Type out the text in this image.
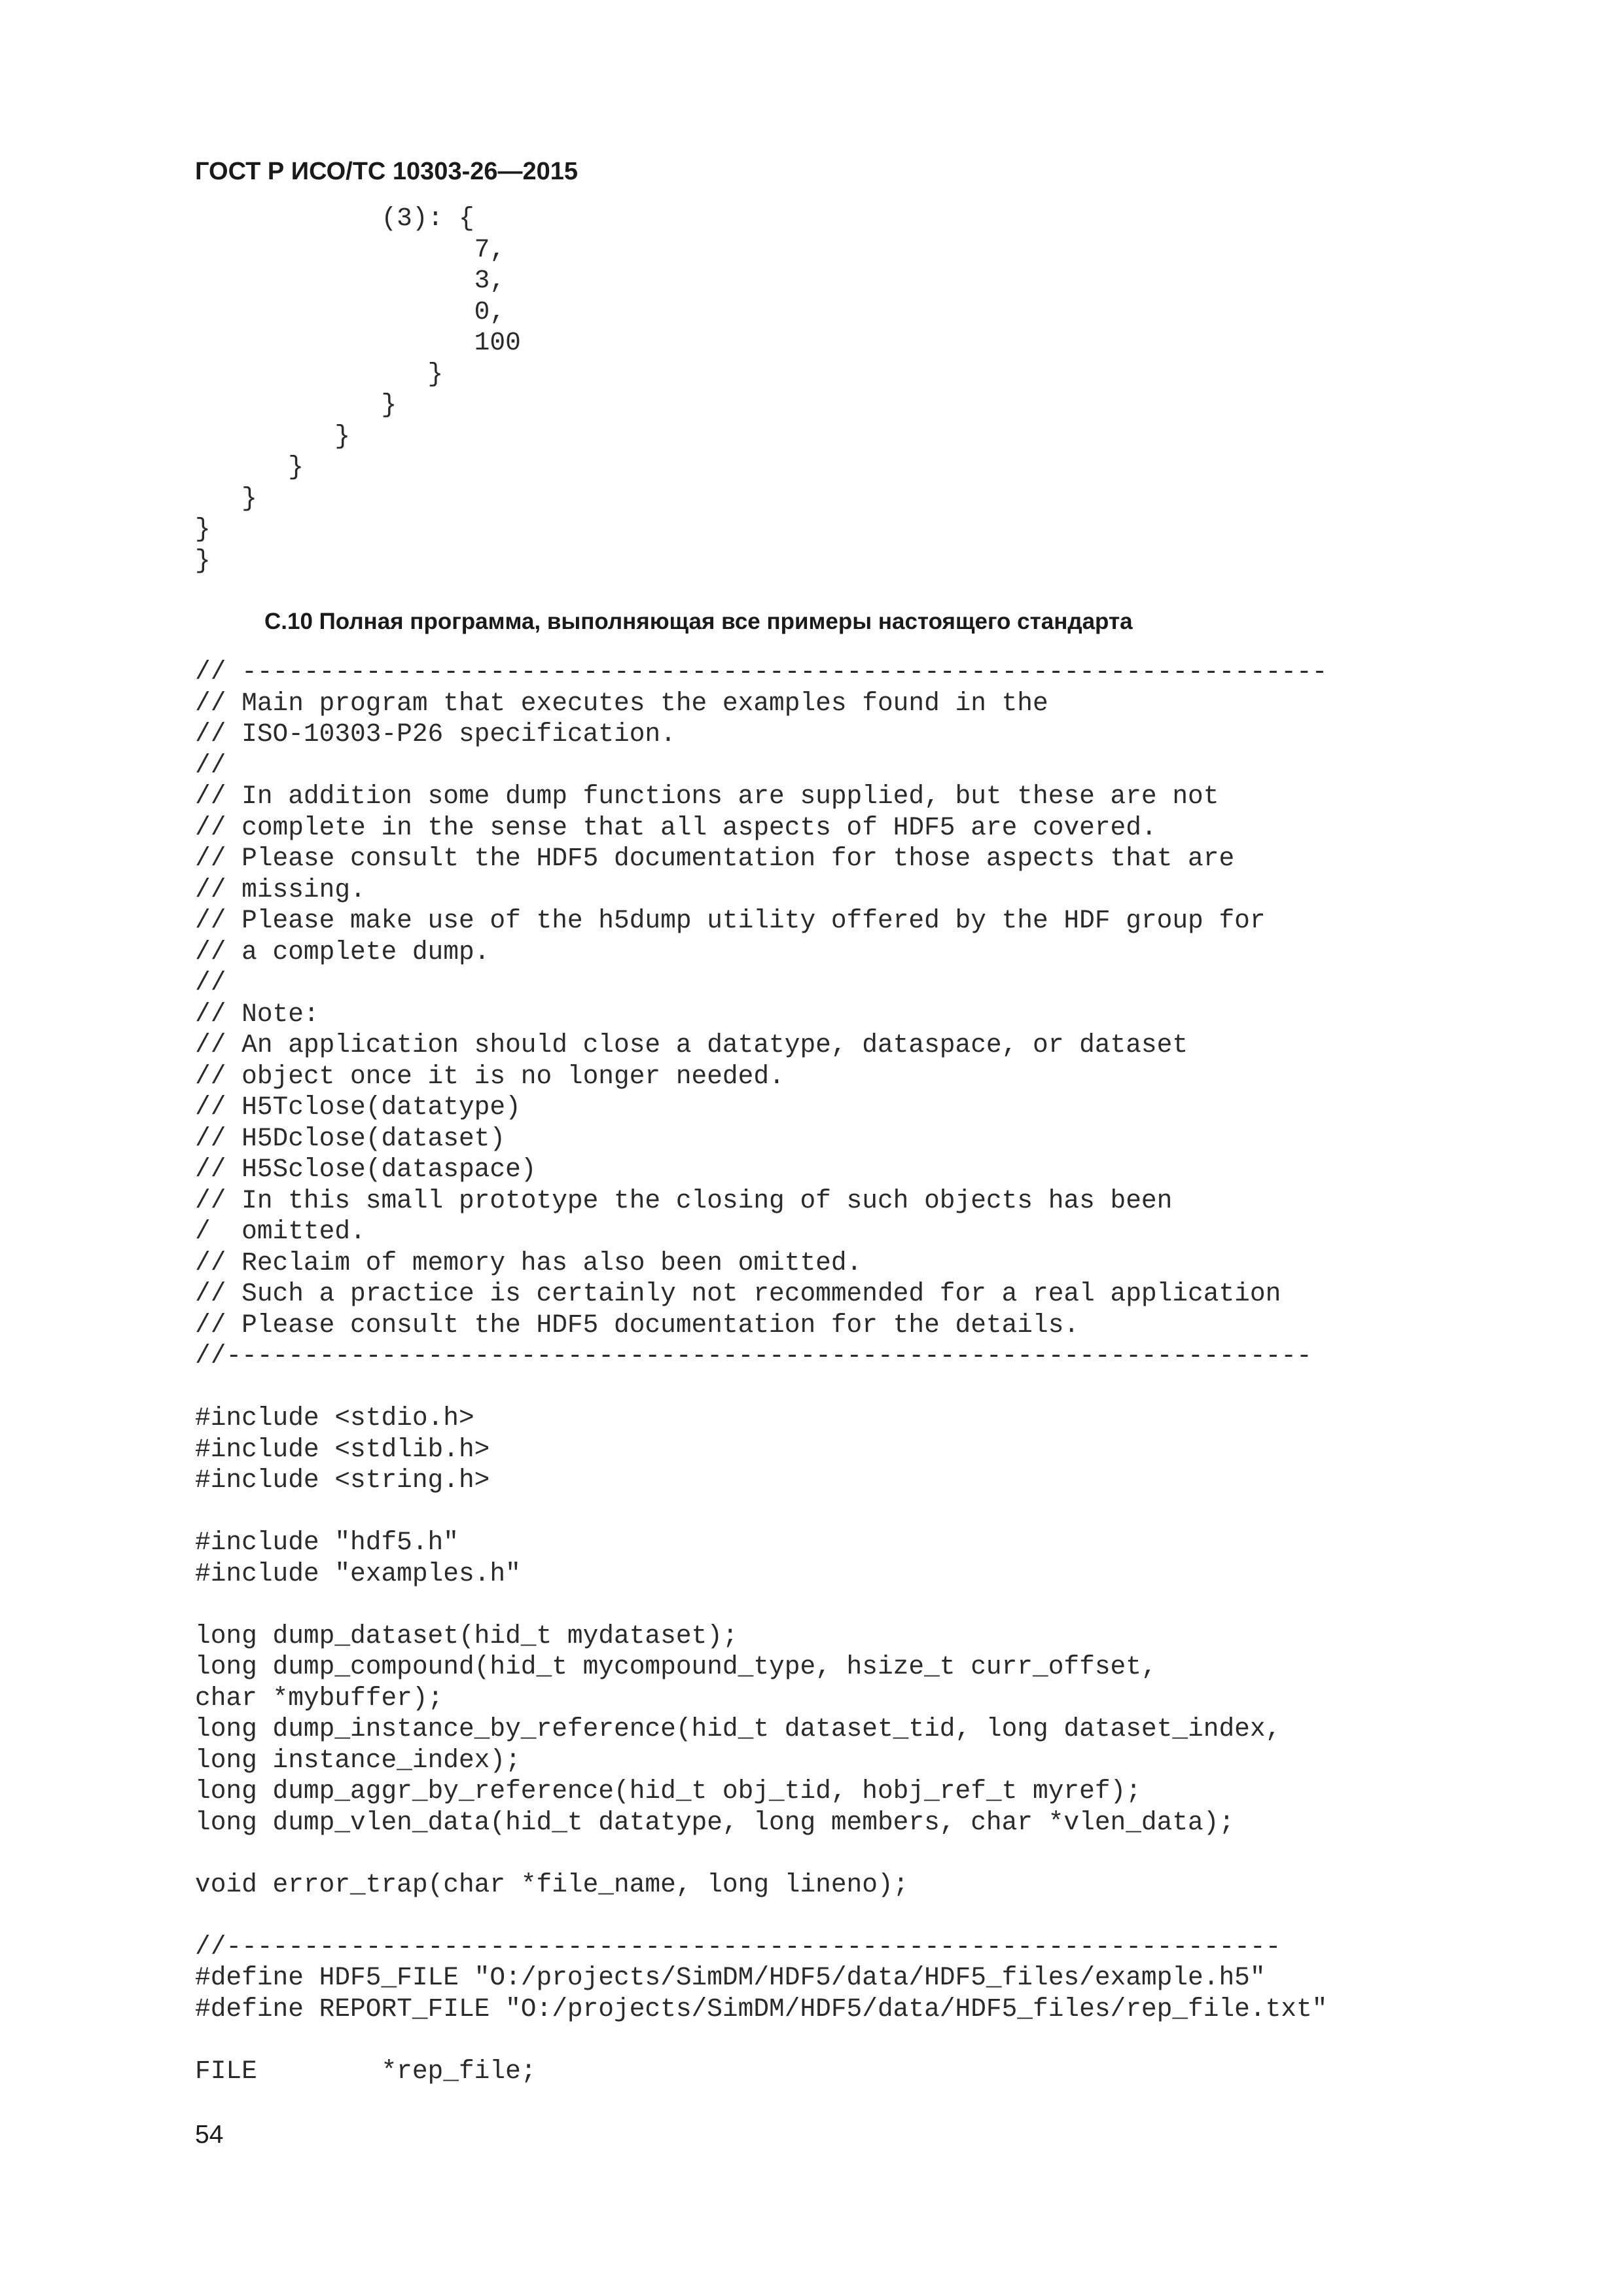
ГОСТ Р ИСО/ТС 10303-26—2015
(3): {
7,
3,
0,
100
}
}
}
}
}
}
}
C.10 Полная программа, выполняющая все примеры настоящего стандарта
// ----------------------------------------------------------------------
// Main program that executes the examples found in the
// ISO-10303-P26 specification.
//
// In addition some dump functions are supplied, but these are not
// complete in the sense that all aspects of HDF5 are covered.
// Please consult the HDF5 documentation for those aspects that are
// missing.
// Please make use of the h5dump utility offered by the HDF group for
// a complete dump.
//
// Note:
// An application should close a datatype, dataspace, or dataset
// object once it is no longer needed.
// H5Tclose(datatype)
// H5Dclose(dataset)
// H5Sclose(dataspace)
// In this small prototype the closing of such objects has been
/  omitted.
// Reclaim of memory has also been omitted.
// Such a practice is certainly not recommended for a real application
// Please consult the HDF5 documentation for the details.
//----------------------------------------------------------------------
#include <stdio.h>
#include <stdlib.h>
#include <string.h>
#include "hdf5.h"
#include "examples.h"
long dump_dataset(hid_t mydataset);
long dump_compound(hid_t mycompound_type, hsize_t curr_offset,
char *mybuffer);
long dump_instance_by_reference(hid_t dataset_tid, long dataset_index,
long instance_index);
long dump_aggr_by_reference(hid_t obj_tid, hobj_ref_t myref);
long dump_vlen_data(hid_t datatype, long members, char *vlen_data);
void error_trap(char *file_name, long lineno);
//--------------------------------------------------------------------
#define HDF5_FILE "O:/projects/SimDM/HDF5/data/HDF5_files/example.h5"
#define REPORT_FILE "O:/projects/SimDM/HDF5/data/HDF5_files/rep_file.txt"
FILE        *rep_file;
54
